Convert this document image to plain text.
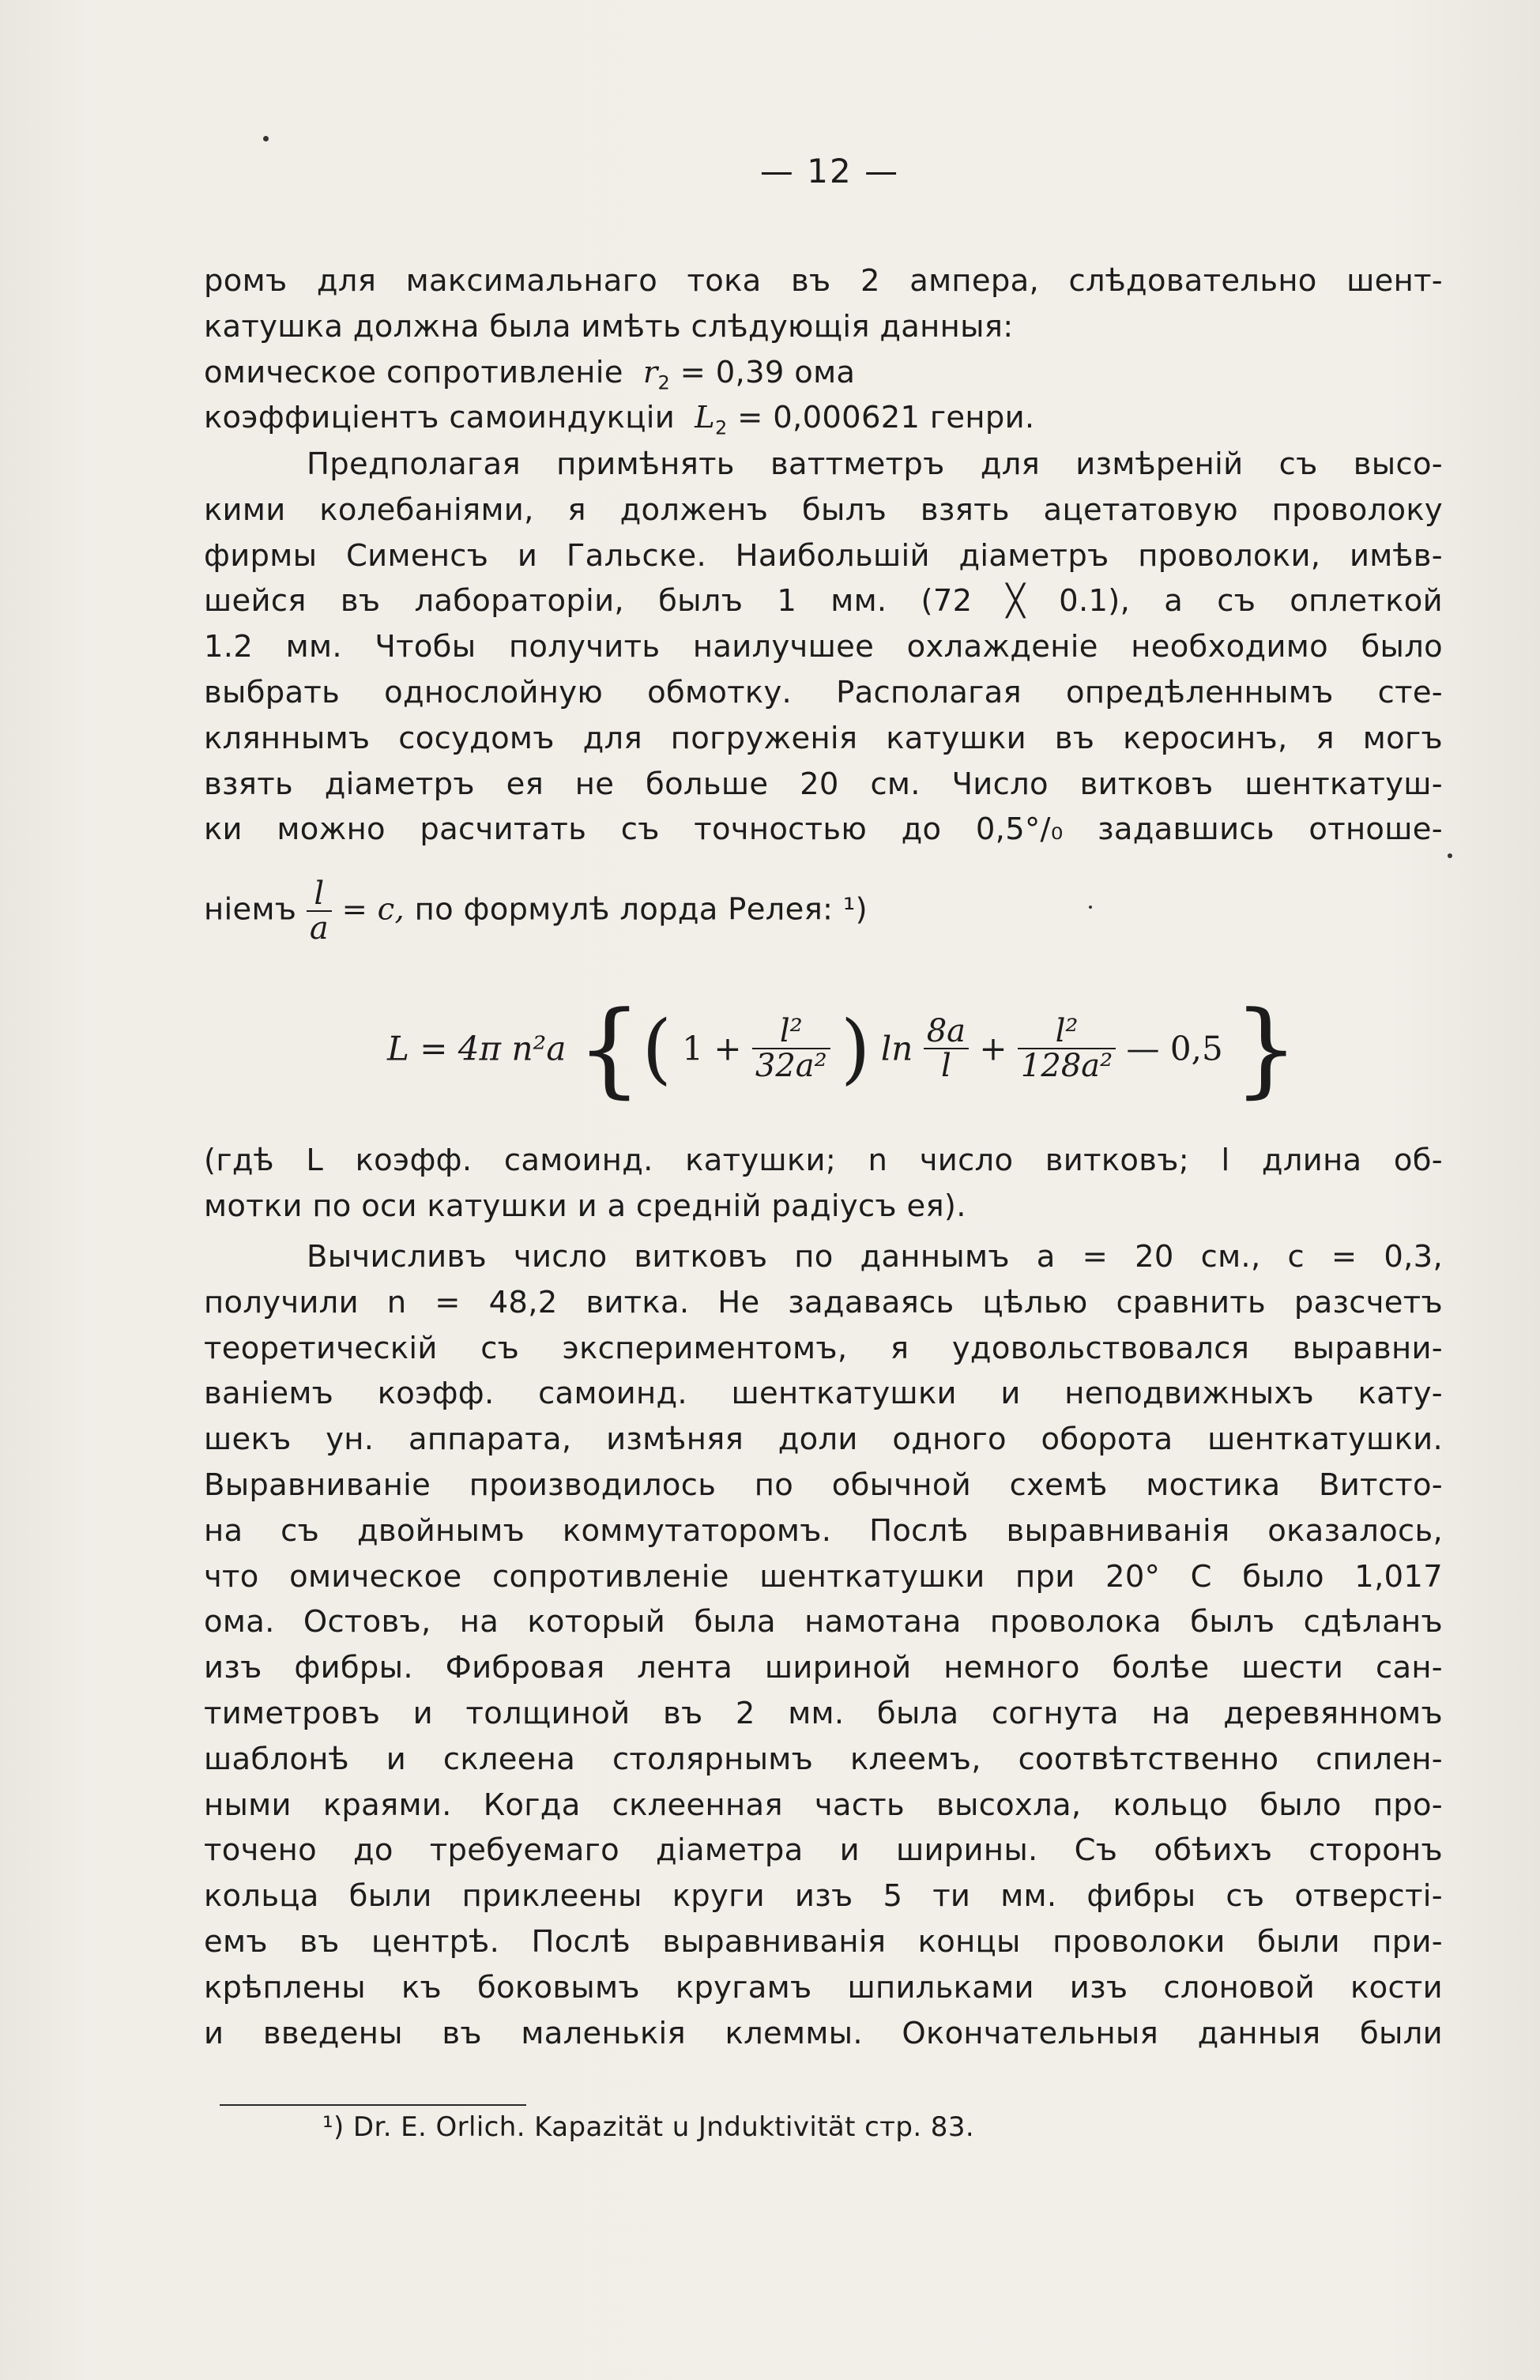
— 12 —
ромъ для максимальнаго тока въ 2 ампера, слѣдовательно шент-
катушка должна была имѣть слѣдующія данныя:
омическое сопротивленіе $r_2 = 0,39$ ома
коэффиціентъ самоиндукціи $L_2 = 0,000621$ генри.
Предполагая примѣнять ваттметръ для измѣреній съ высо-
кими колебаніями, я долженъ былъ взять ацетатовую проволоку
фирмы Сименсъ и Гальске. Наибольшій діаметръ проволоки, имѣв-
шейся въ лабораторіи, былъ 1 мм. (72 ╳ 0.1), а съ оплеткой
1.2 мм. Чтобы получить наилучшее охлажденіе необходимо было
выбрать однослойную обмотку. Располагая опредѣленнымъ сте-
кляннымъ сосудомъ для погруженія катушки въ керосинъ, я могъ
взять діаметръ ея не больше 20 см. Число витковъ шенткатуш-
ки можно расчитать съ точностью до 0,5°/₀ задавшись отноше-
ніемъ $\frac{l}{a} = c$, по формулѣ лорда Релея: ¹)
L = 4π n²a {( $1 + \frac{\text{l²}}{\text{32a²}}$ ) $\ln \frac{8a}{l} + \frac{\text{l²}}{\text{128a²}}$ — 0,5 }
(гдѣ L коэфф. самоинд. катушки; n число витковъ; l длина об-
мотки по оси катушки и a средній радіусъ ея).
Вычисливъ число витковъ по даннымъ a = 20 см., c = 0,3,
получили n = 48,2 витка. Не задаваясь цѣлью сравнить разсчетъ
теоретическій съ экспериментомъ, я удовольствовался выравни-
ваніемъ коэфф. самоинд. шенткатушки и неподвижныхъ кату-
шекъ ун. аппарата, измѣняя доли одного оборота шенткатушки.
Выравниваніе производилось по обычной схемѣ мостика Витсто-
на съ двойнымъ коммутаторомъ. Послѣ выравниванія оказалось,
что омическое сопротивленіе шенткатушки при 20° С было 1,017
ома. Остовъ, на который была намотана проволока былъ сдѣланъ
изъ фибры. Фибровая лента шириной немного болѣе шести сан-
тиметровъ и толщиной въ 2 мм. была согнута на деревянномъ
шаблонѣ и склеена столярнымъ клеемъ, соотвѣтственно спилен-
ными краями. Когда склеенная часть высохла, кольцо было про-
точено до требуемаго діаметра и ширины. Съ обѣихъ сторонъ
кольца были приклеены круги изъ 5 ти мм. фибры съ отверсті-
емъ въ центрѣ. Послѣ выравниванія концы проволоки были при-
крѣплены къ боковымъ кругамъ шпильками изъ слоновой кости
и введены въ маленькія клеммы. Окончательныя данныя были
¹) Dr. E. Orlich. Kapazität u Jnduktivität стр. 83.
